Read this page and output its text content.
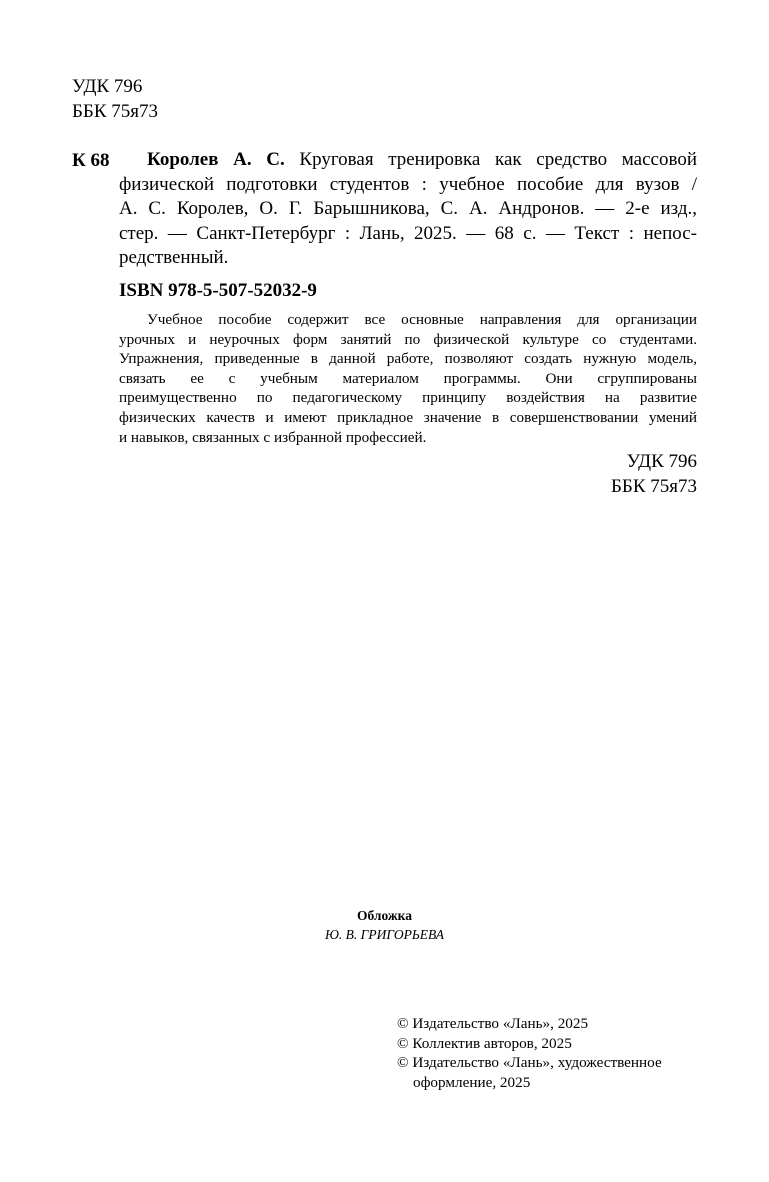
УДК 796
ББК 75я73
К 68 Королев А. С. Круговая тренировка как средство массовой
физической подготовки студентов : учебное пособие для вузов /
А. С. Королев, О. Г. Барышникова, С. А. Андронов. — 2-е изд.,
стер. — Санкт-Петербург : Лань, 2025. — 68 с. — Текст : непос-
редственный.
ISBN 978-5-507-52032-9
Учебное пособие содержит все основные направления для организации
урочных и неурочных форм занятий по физической культуре со студентами.
Упражнения, приведенные в данной работе, позволяют создать нужную модель,
связать ее с учебным материалом программы. Они сгруппированы
преимущественно по педагогическому принципу воздействия на развитие
физических качеств и имеют прикладное значение в совершенствовании умений
и навыков, связанных с избранной профессией.
УДК 796
ББК 75я73
Обложка
Ю. В. ГРИГОРЬЕВА
© Издательство «Лань», 2025
© Коллектив авторов, 2025
© Издательство «Лань», художественное
оформление, 2025
